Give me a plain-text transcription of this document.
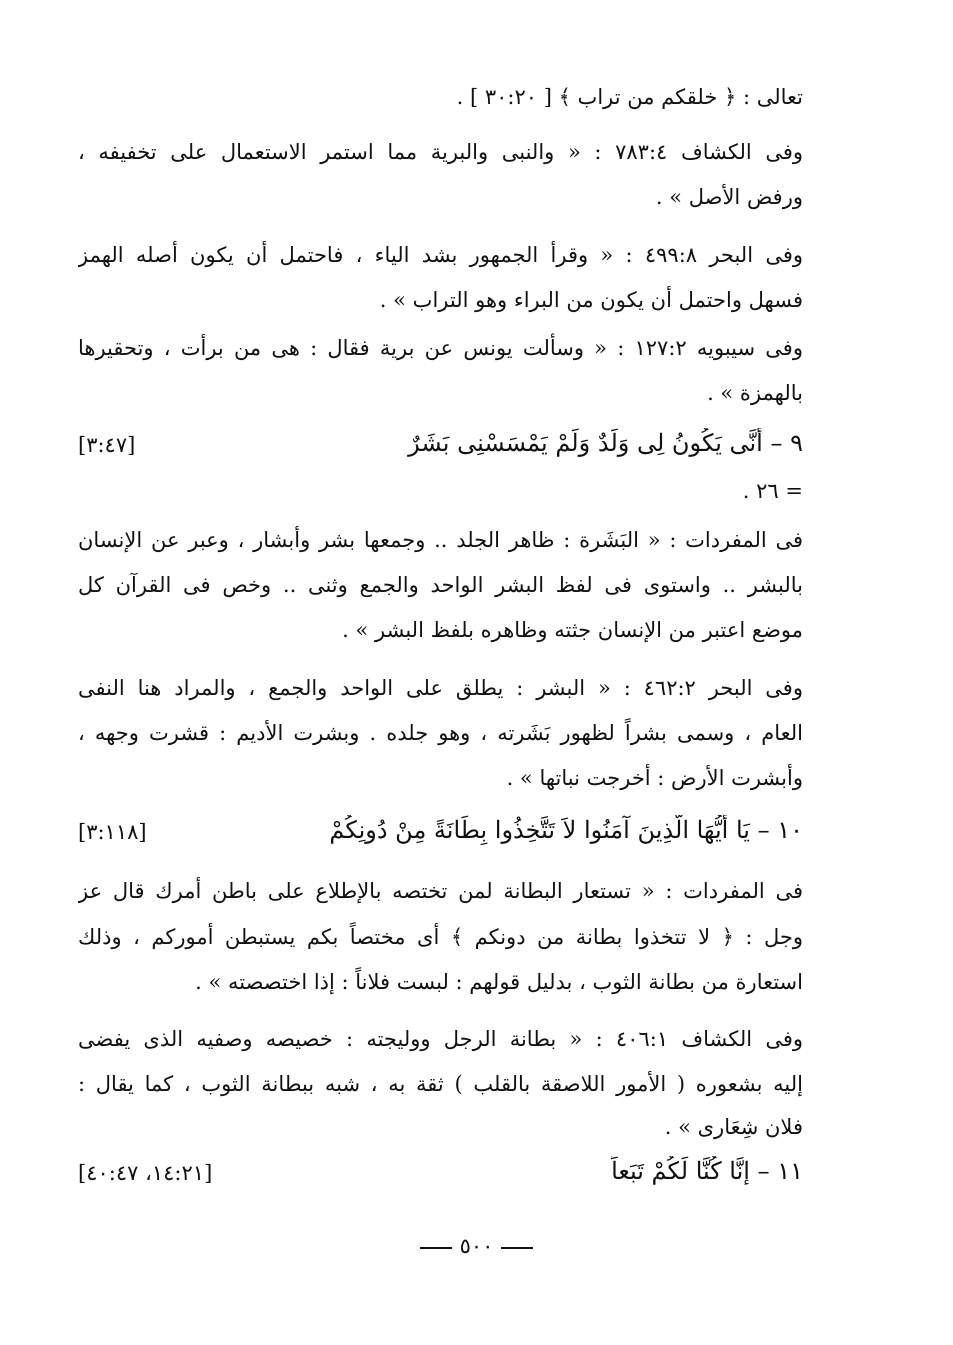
تعالى : ﴿ خلقكم من تراب ﴾ [ ٣٠:٢٠ ] .
وفى الكشاف ٧٨٣:٤ : « والنبى والبرية مما استمر الاستعمال على تخفيفه ،
ورفض الأصل » .
وفى البحر ٤٩٩:٨ : « وقرأ الجمهور بشد الياء ، فاحتمل أن يكون أصله الهمز
فسهل واحتمل أن يكون من البراء وهو التراب » .
وفى سيبويه ١٢٧:٢ : « وسألت يونس عن برية فقال : هى من برأت ، وتحقيرها
بالهمزة » .
٩ – أَنَّى يَكُونُ لِى وَلَدٌ وَلَمْ يَمْسَسْنِى بَشَرٌ
[٣:٤٧]
= ٢٦ .
فى المفردات : « البَشَرة : ظاهر الجلد .. وجمعها بشر وأبشار ، وعبر عن الإنسان
بالبشر .. واستوى فى لفظ البشر الواحد والجمع وثنى .. وخص فى القرآن كل
موضع اعتبر من الإنسان جثته وظاهره بلفظ البشر » .
وفى البحر ٤٦٢:٢ : « البشر : يطلق على الواحد والجمع ، والمراد هنا النفى
العام ، وسمى بشراً لظهور بَشَرته ، وهو جلده . وبشرت الأديم : قشرت وجهه ،
وأبشرت الأرض : أخرجت نباتها » .
١٠ – يَا أَيُّهَا الَّذِينَ آمَنُوا لاَ تَتَّخِذُوا بِطَانَةً مِنْ دُونِكُمْ
[٣:١١٨]
فى المفردات : « تستعار البطانة لمن تختصه بالإطلاع على باطن أمرك قال عز
وجل : ﴿ لا تتخذوا بطانة من دونكم ﴾ أى مختصاً بكم يستبطن أموركم ، وذلك
استعارة من بطانة الثوب ، بدليل قولهم : لبست فلاناً : إذا اختصصته » .
وفى الكشاف ٤٠٦:١ : « بطانة الرجل ووليجته : خصيصه وصفيه الذى يفضى
إليه بشعوره ( الأمور اللاصقة بالقلب ) ثقة به ، شبه ببطانة الثوب ، كما يقال :
فلان شِعَارى » .
١١ – إِنَّا كُنَّا لَكُمْ تَبَعاً
[١٤:٢١، ٤٠:٤٧]
٥٠٠
